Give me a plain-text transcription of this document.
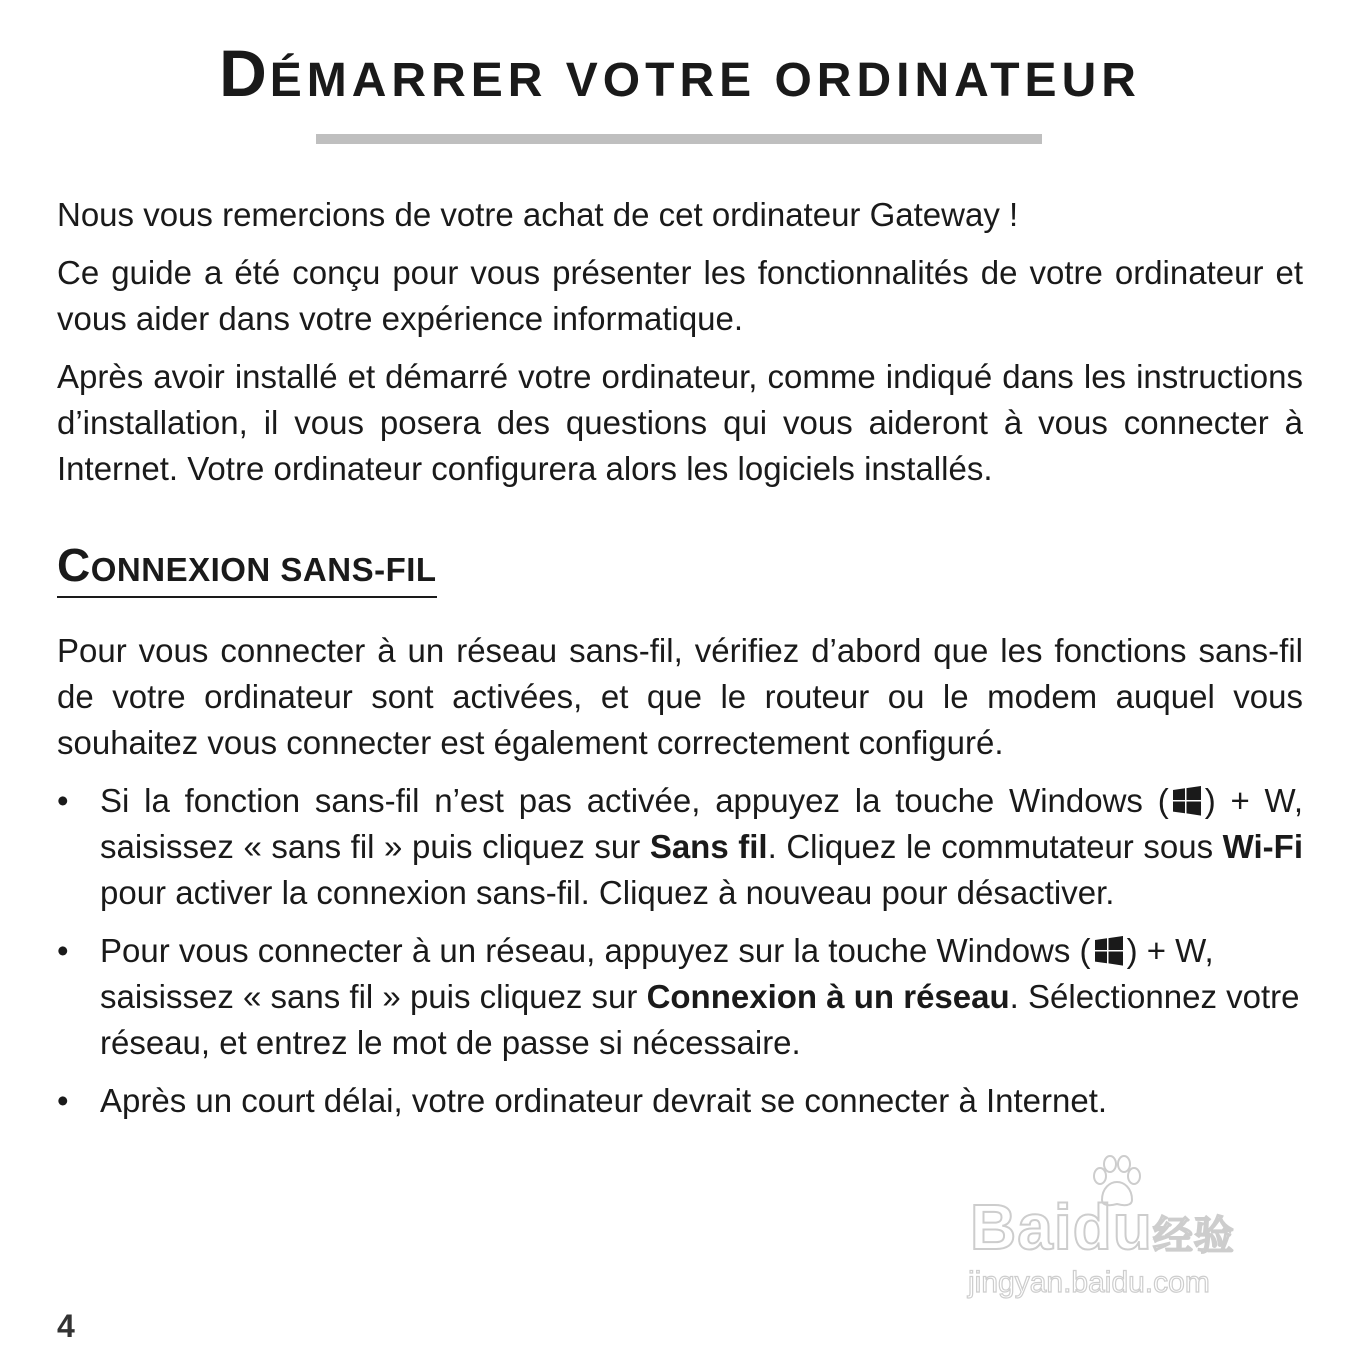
DÉMARRER VOTRE ORDINATEUR

Nous vous remercions de votre achat de cet ordinateur Gateway !

Ce guide a été conçu pour vous présenter les fonctionnalités de votre ordinateur et vous aider dans votre expérience informatique.

Après avoir installé et démarré votre ordinateur, comme indiqué dans les instructions d’installation, il vous posera des questions qui vous aideront à vous connecter à Internet. Votre ordinateur configurera alors les logiciels installés.

CONNEXION SANS-FIL

Pour vous connecter à un réseau sans-fil, vérifiez d’abord que les fonctions sans-fil de votre ordinateur sont activées, et que le routeur ou le modem auquel vous souhaitez vous connecter est également correctement configuré.

• Si la fonction sans-fil n’est pas activée, appuyez la touche Windows ( ) + W, saisissez « sans fil » puis cliquez sur Sans fil. Cliquez le commutateur sous Wi-Fi pour activer la connexion sans-fil. Cliquez à nouveau pour désactiver.
• Pour vous connecter à un réseau, appuyez sur la touche Windows ( ) + W, saisissez « sans fil » puis cliquez sur Connexion à un réseau. Sélectionnez votre réseau, et entrez le mot de passe si nécessaire.
• Après un court délai, votre ordinateur devrait se connecter à Internet.
4
Baidu经验
jingyan.baidu.com
